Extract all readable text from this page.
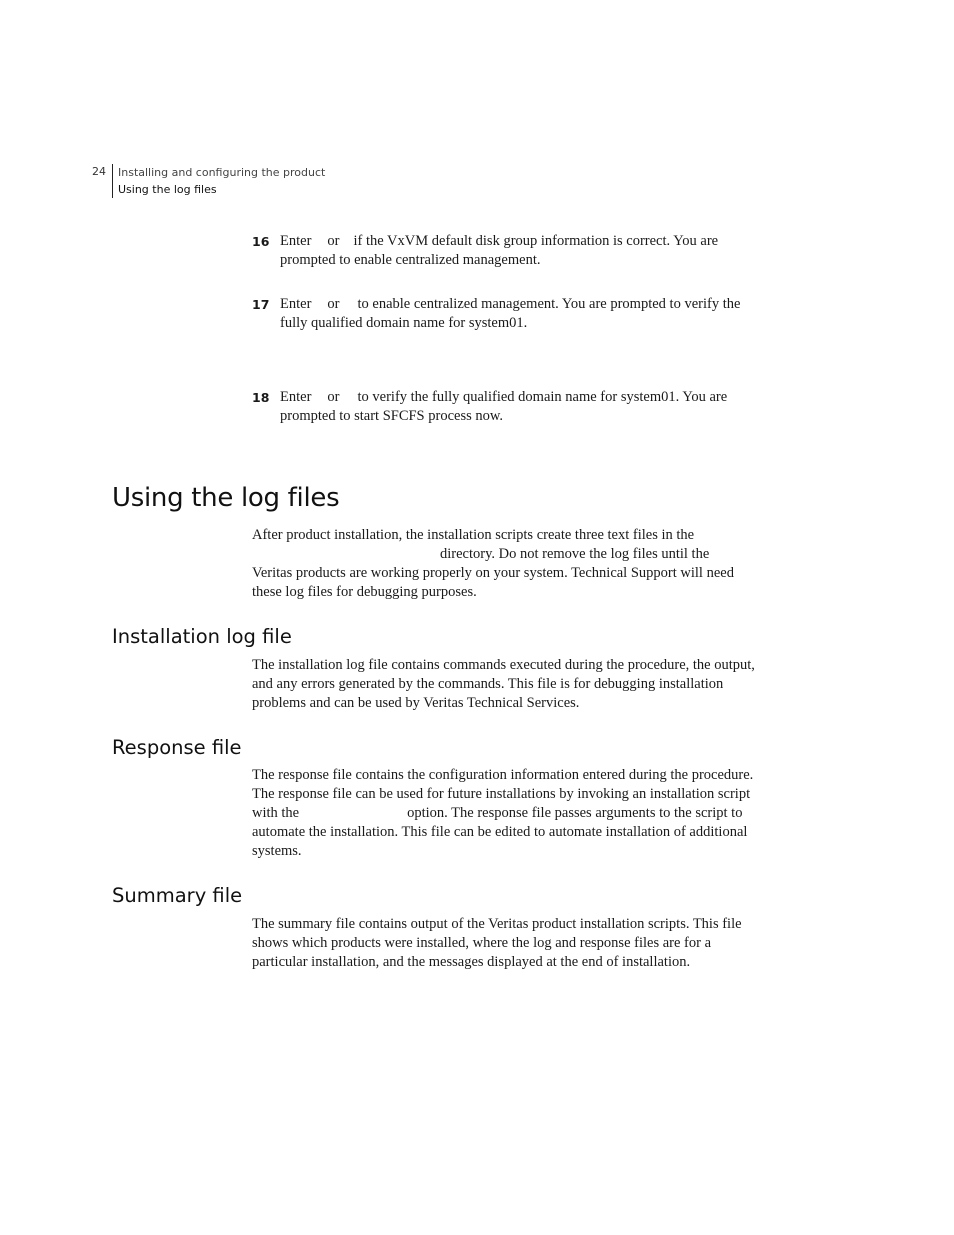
24 Installing and configuring the product
Using the log files
16 Enter or if the VxVM default disk group information is correct. You are prompted to enable centralized management.
17 Enter or to enable centralized management. You are prompted to verify the fully qualified domain name for system01.
18 Enter or to verify the fully qualified domain name for system01. You are prompted to start SFCFS process now.
Using the log files
After product installation, the installation scripts create three text files in the
directory. Do not remove the log files until the
Veritas products are working properly on your system. Technical Support will need these log files for debugging purposes.
Installation log file

The installation log file contains commands executed during the procedure, the output, and any errors generated by the commands. This file is for debugging installation problems and can be used by Veritas Technical Services.

Response file

The response file contains the configuration information entered during the procedure. The response file can be used for future installations by invoking an installation script with the	option. The response file passes arguments to the script to automate the installation. This file can be edited to automate installation of additional systems.

Summary file

The summary file contains output of the Veritas product installation scripts. This file shows which products were installed, where the log and response files are for a particular installation, and the messages displayed at the end of installation.
